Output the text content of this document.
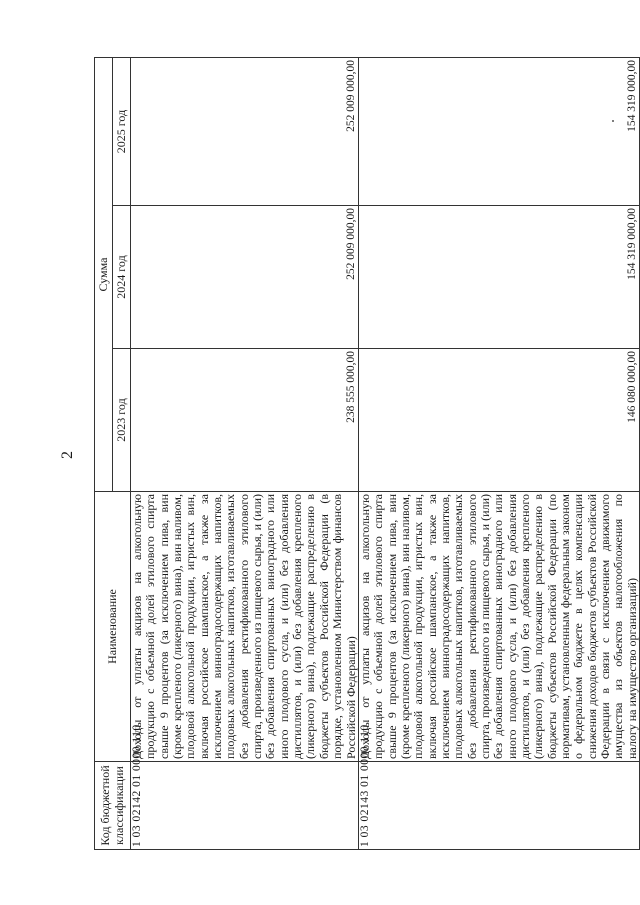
2
Код бюджетной классификации	Наименование	Сумма		
		2023 год	2024 год	2025 год
1 03 02142 01 0000 110	Доходы от уплаты акцизов на алкогольную продукцию с объемной долей этилового спирта свыше 9 процентов (за исключением пива, вин (кроме крепленого (ликерного) вина), вин наливом, плодовой алкогольной продукции, игристых вин, включая российское шампанское, а также за исключением винноградосодержащих напитков, плодовых алкогольных напитков, изготавливаемых без добавления ректификованного этилового спирта, произведенного из пищевого сырья, и (или) без добавления спиртованных виноградного или иного плодового сусла, и (или) без добавления дистиллятов, и (или) без добавления крепленого (ликерного) вина), подлежащие распределению в бюджеты субъектов Российской Федерации (в порядке, установленном Министерством финансов Российской Федерации)	238 555 000,00	252 009 000,00	252 009 000,00
1 03 02143 01 0000 110	Доходы от уплаты акцизов на алкогольную продукцию с объемной долей этилового спирта свыше 9 процентов (за исключением пива, вин (кроме крепленого (ликерного) вина), вин наливом, плодовой алкогольной продукции, игристых вин, включая российское шампанское, а также за исключением винноградосодержащих напитков, плодовых алкогольных напитков, изготавливаемых без добавления ректификованного этилового спирта, произведенного из пищевого сырья, и (или) без добавления спиртованных виноградного или иного плодового сусла, и (или) без добавления дистиллятов, и (или) без добавления крепленого (ликерного) вина), подлежащие распределению в бюджеты субъектов Российской Федерации (по нормативам, установленным федеральным законом о федеральном бюджете в целях компенсации снижения доходов бюджетов субъектов Российской Федерации в связи с исключением движимого имущества из объектов налогообложения по налогу на имущество организаций)	146 080 000,00	154 319 000,00	154 319 000,00
